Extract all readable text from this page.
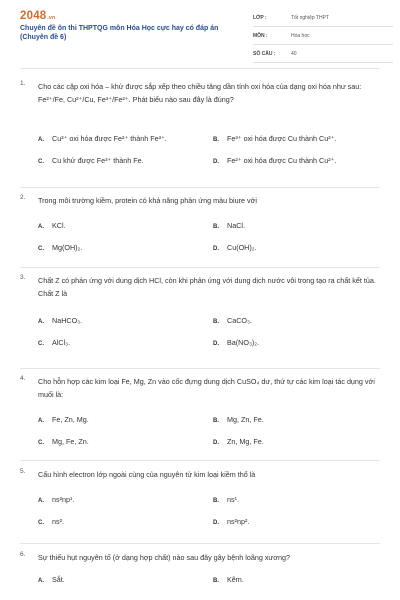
2048.vn
Chuyên đề ôn thi THPTQG môn Hóa Học cực hay có đáp án (Chuyên đề 6)
LỚP :	Tốt nghiệp THPT
MÔN :	Hóa học
SỐ CÂU :	40
1. Cho các cặp oxi hóa – khử được sắp xếp theo chiều tăng dần tính oxi hóa của dạng oxi hóa như sau: Fe²⁺/Fe, Cu²⁺/Cu, Fe³⁺/Fe²⁺. Phát biểu nào sau đây là đúng?
A. Cu²⁺ oxi hóa được Fe²⁺ thành Fe³⁺.	B. Fe³⁺ oxi hóa được Cu thành Cu²⁺.
C. Cu khử được Fe³⁺ thành Fe.	D. Fe²⁺ oxi hóa được Cu thành Cu²⁺.
2. Trong môi trường kiềm, protein có khả năng phản ứng màu biure với
A. KCl.	B. NaCl.
C. Mg(OH)₂.	D. Cu(OH)₂.
3. Chất Z có phản ứng với dung dịch HCl, còn khi phản ứng với dung dịch nước vôi trong tạo ra chất kết tủa. Chất Z là
A. NaHCO₃.	B. CaCO₃.
C. AlCl₃.	D. Ba(NO₃)₂.
4. Cho hỗn hợp các kim loại Fe, Mg, Zn vào cốc đựng dung dịch CuSO₄ dư, thứ tự các kim loại tác dụng với muối là:
A. Fe, Zn, Mg.	B. Mg, Zn, Fe.
C. Mg, Fe, Zn.	D. Zn, Mg, Fe.
5. Cấu hình electron lớp ngoài cùng của nguyên tử kim loại kiềm thổ là
A. ns²np¹.	B. ns¹.
C. ns².	D. ns²np².
6. Sự thiếu hụt nguyên tố (ở dạng hợp chất) nào sau đây gây bệnh loãng xương?
A. Sắt.	B. Kẽm.
